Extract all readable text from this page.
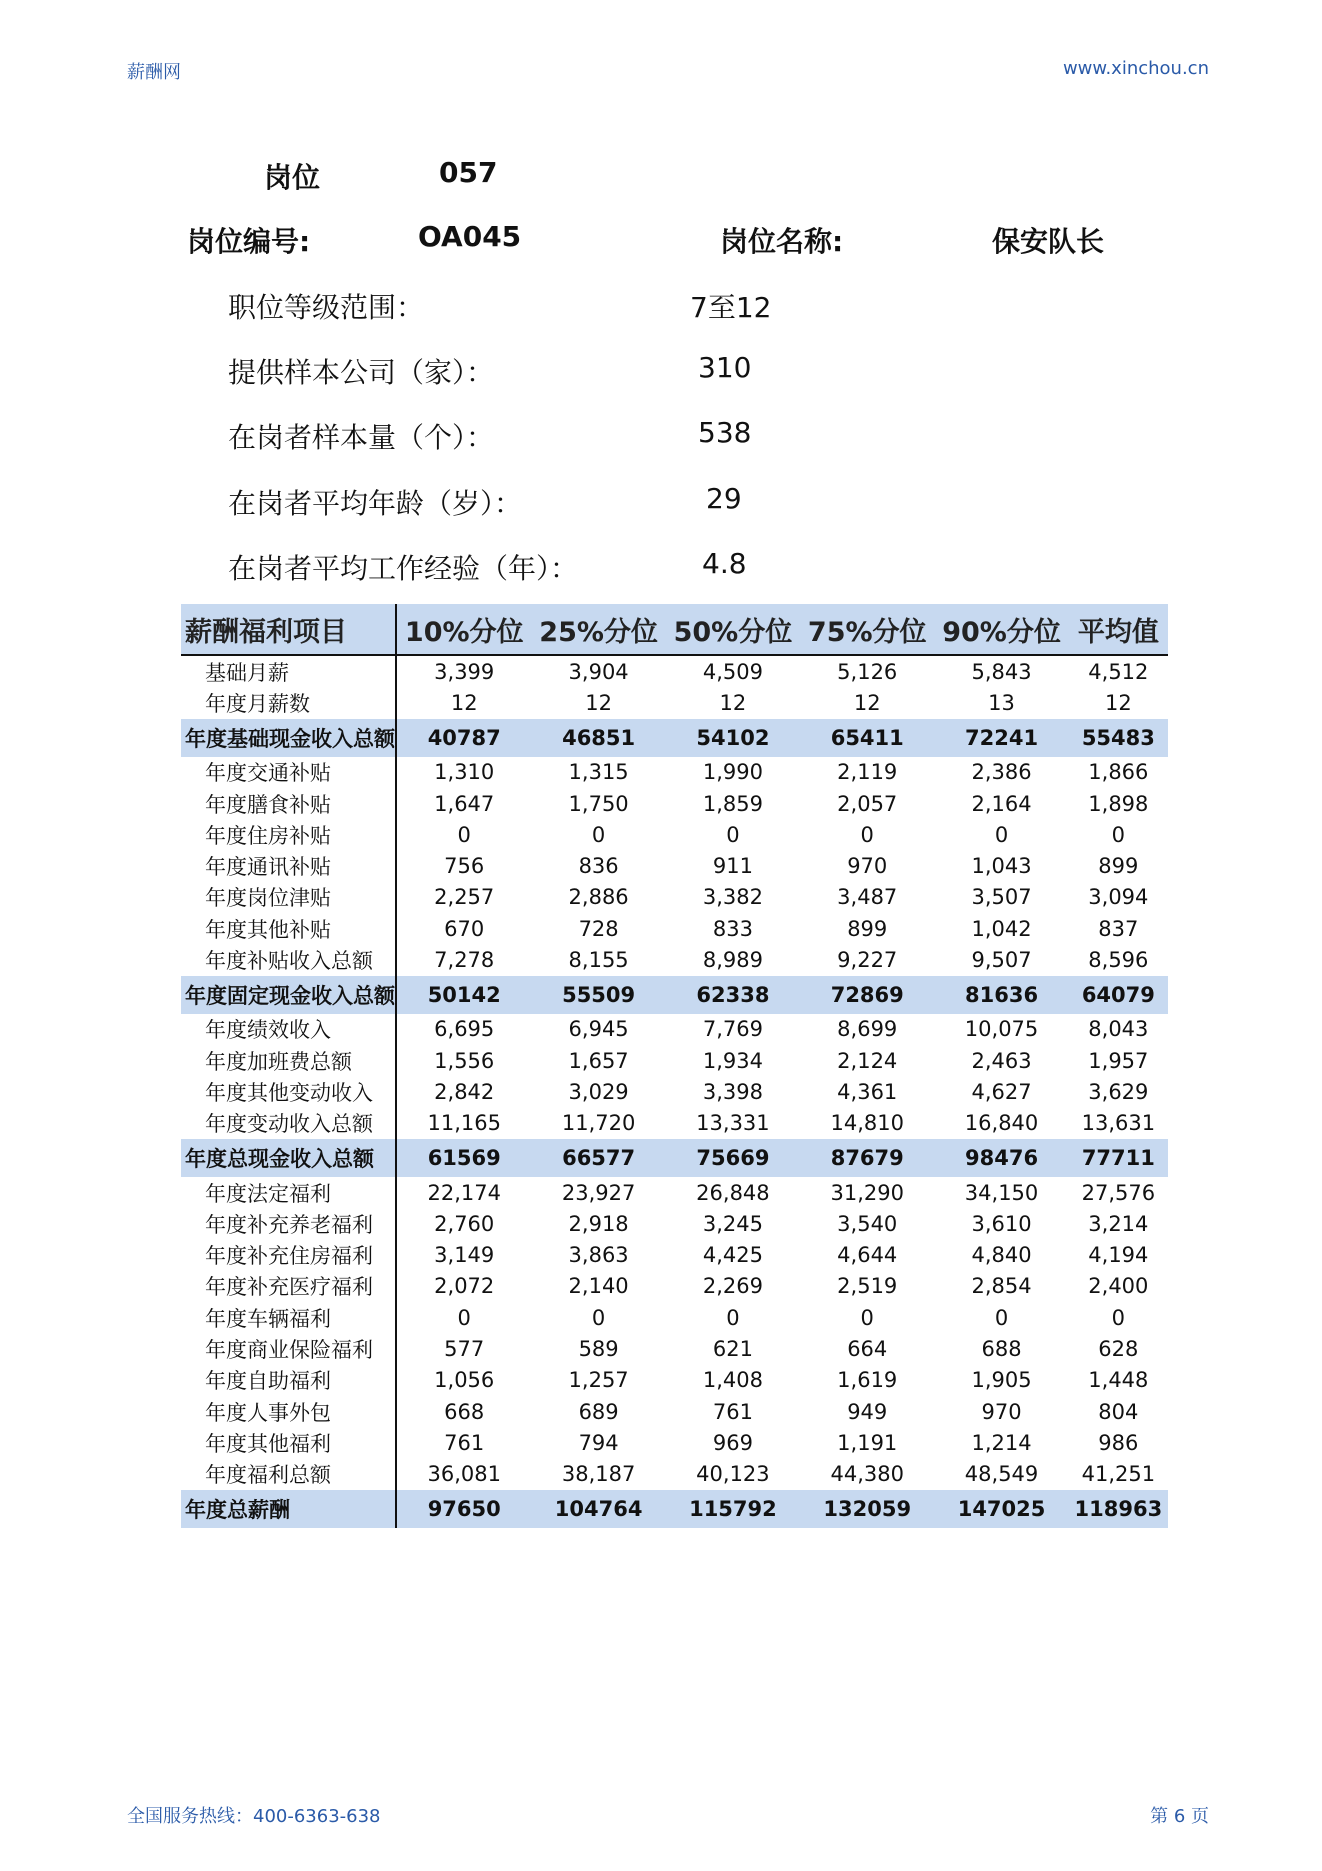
薪酬网	www.xinchou.cn
岗位	057
岗位编号:	OA045	岗位名称:	保安队长
职位等级范围：	7至12
提供样本公司（家）：	310
在岗者样本量（个）：	538
在岗者平均年龄（岁）：	29
在岗者平均工作经验（年）：	4.8
薪酬福利项目	10%分位	25%分位	50%分位	75%分位	90%分位	平均值
基础月薪	3,399	3,904	4,509	5,126	5,843	4,512
年度月薪数	12	12	12	12	13	12
年度基础现金收入总额	40787	46851	54102	65411	72241	55483
年度交通补贴	1,310	1,315	1,990	2,119	2,386	1,866
年度膳食补贴	1,647	1,750	1,859	2,057	2,164	1,898
年度住房补贴	0	0	0	0	0	0
年度通讯补贴	756	836	911	970	1,043	899
年度岗位津贴	2,257	2,886	3,382	3,487	3,507	3,094
年度其他补贴	670	728	833	899	1,042	837
年度补贴收入总额	7,278	8,155	8,989	9,227	9,507	8,596
年度固定现金收入总额	50142	55509	62338	72869	81636	64079
年度绩效收入	6,695	6,945	7,769	8,699	10,075	8,043
年度加班费总额	1,556	1,657	1,934	2,124	2,463	1,957
年度其他变动收入	2,842	3,029	3,398	4,361	4,627	3,629
年度变动收入总额	11,165	11,720	13,331	14,810	16,840	13,631
年度总现金收入总额	61569	66577	75669	87679	98476	77711
年度法定福利	22,174	23,927	26,848	31,290	34,150	27,576
年度补充养老福利	2,760	2,918	3,245	3,540	3,610	3,214
年度补充住房福利	3,149	3,863	4,425	4,644	4,840	4,194
年度补充医疗福利	2,072	2,140	2,269	2,519	2,854	2,400
年度车辆福利	0	0	0	0	0	0
年度商业保险福利	577	589	621	664	688	628
年度自助福利	1,056	1,257	1,408	1,619	1,905	1,448
年度人事外包	668	689	761	949	970	804
年度其他福利	761	794	969	1,191	1,214	986
年度福利总额	36,081	38,187	40,123	44,380	48,549	41,251
年度总薪酬	97650	104764	115792	132059	147025	118963
全国服务热线：400-6363-638	第 6 页
